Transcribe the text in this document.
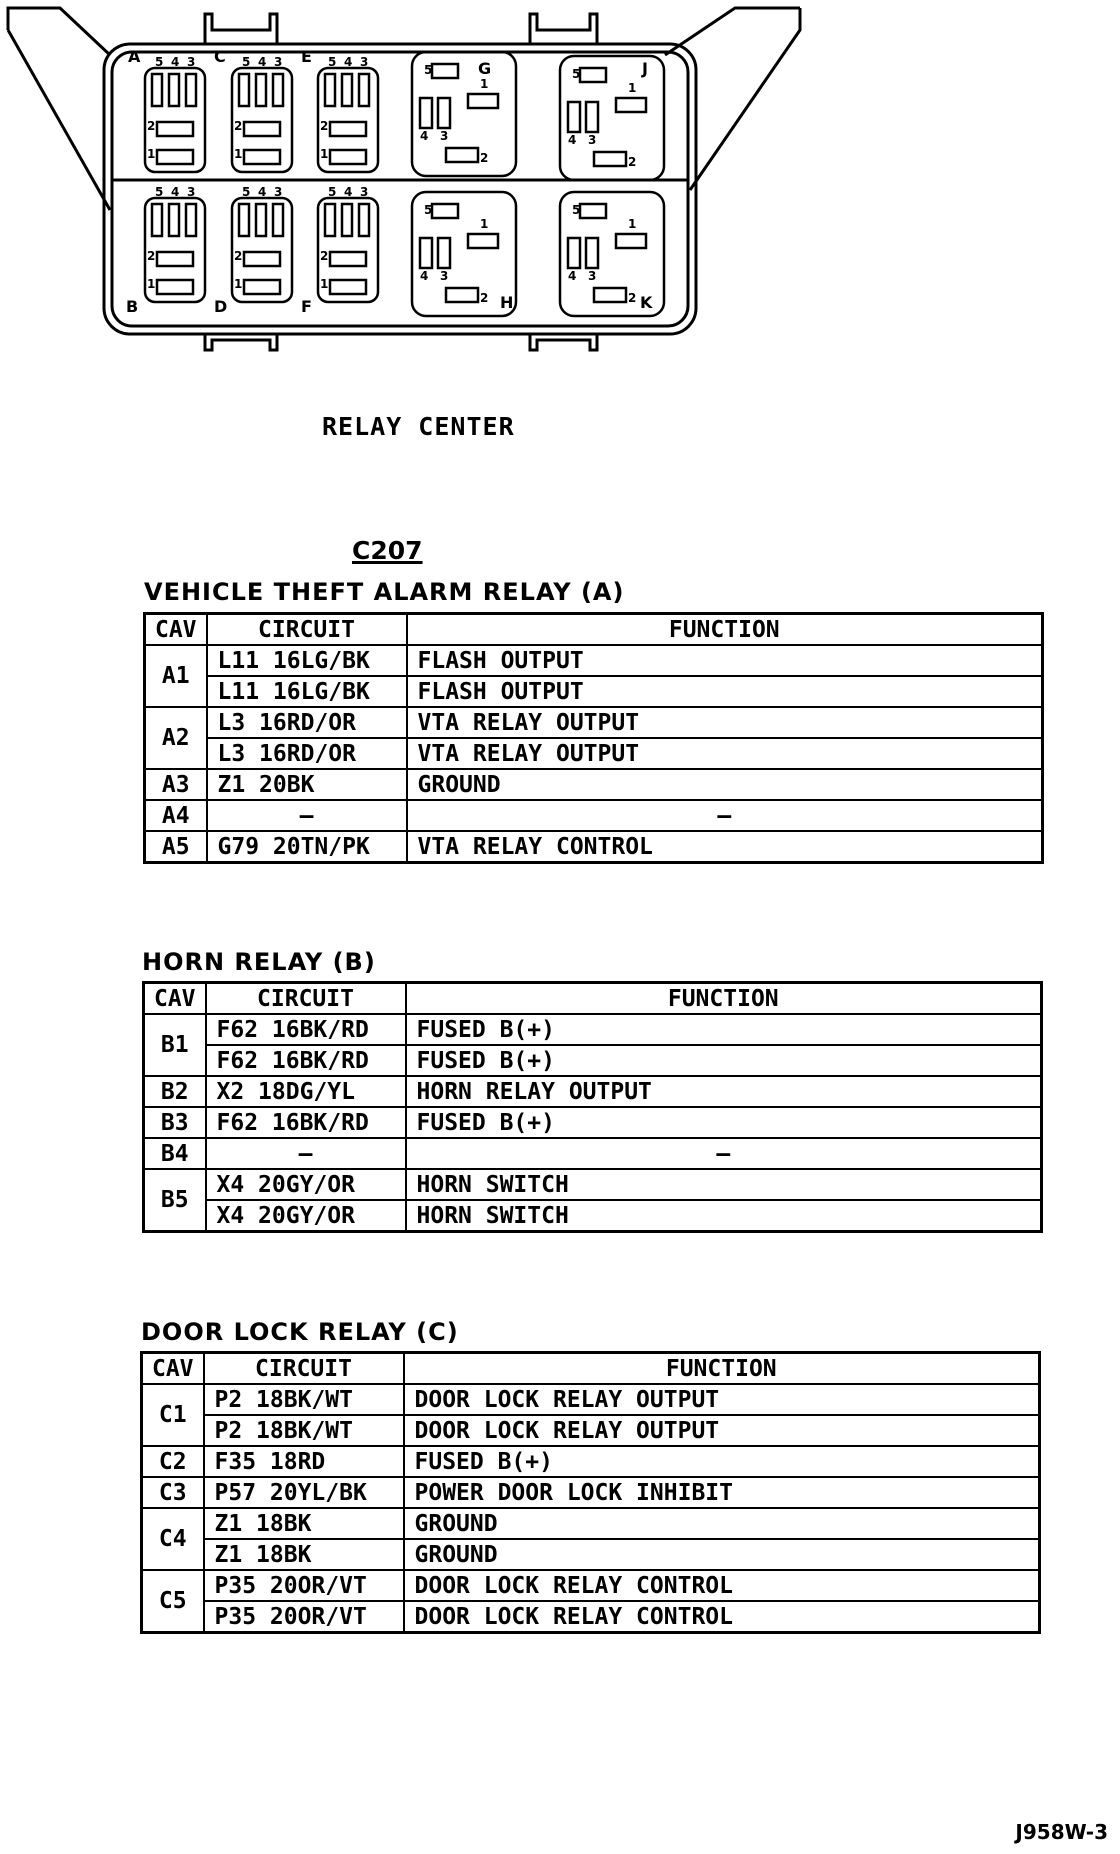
5 4 3
2
1
A	5 4 3
2
1
C	5 4 3
2
1
E
5 4 3
2
1
B
5 4 3
2
1
D
5 4 3
2
1
F
5
1
4 3
2
G	5
1
4 3
2
J
5
1
4 3
2 H
5
1
4 3
2 K
RELAY CENTER
C207
VEHICLE THEFT ALARM RELAY (A)
CAV	CIRCUIT	FUNCTION
A1	L11 16LG/BK	FLASH OUTPUT
	L11 16LG/BK	FLASH OUTPUT
A2	L3 16RD/OR	VTA RELAY OUTPUT
	L3 16RD/OR	VTA RELAY OUTPUT
A3	Z1 20BK	GROUND
A4	–	–
A5	G79 20TN/PK	VTA RELAY CONTROL
HORN RELAY (B)
CAV	CIRCUIT	FUNCTION
B1	F62 16BK/RD	FUSED B(+)
	F62 16BK/RD	FUSED B(+)
B2	X2 18DG/YL	HORN RELAY OUTPUT
B3	F62 16BK/RD	FUSED B(+)
B4	–	–
B5	X4 20GY/OR	HORN SWITCH
	X4 20GY/OR	HORN SWITCH
DOOR LOCK RELAY (C)
CAV	CIRCUIT	FUNCTION
C1	P2 18BK/WT	DOOR LOCK RELAY OUTPUT
	P2 18BK/WT	DOOR LOCK RELAY OUTPUT
C2	F35 18RD	FUSED B(+)
C3	P57 20YL/BK	POWER DOOR LOCK INHIBIT
C4	Z1 18BK	GROUND
	Z1 18BK	GROUND
C5	P35 20OR/VT	DOOR LOCK RELAY CONTROL
	P35 20OR/VT	DOOR LOCK RELAY CONTROL
J958W-3
